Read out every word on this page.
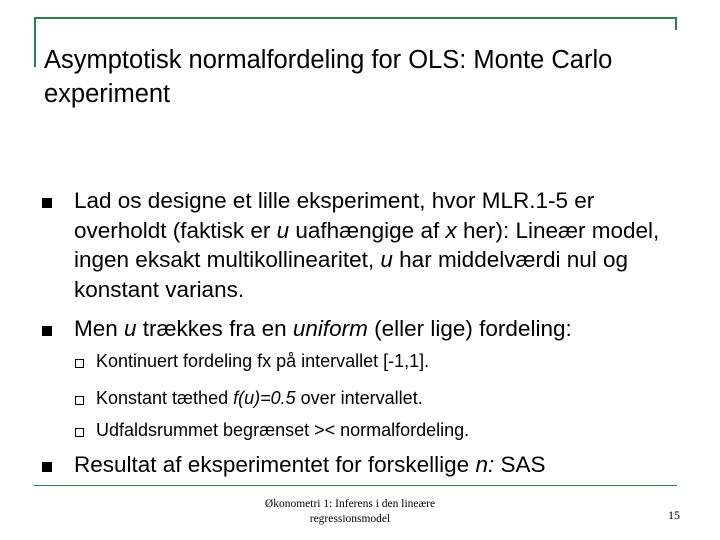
Asymptotisk normalfordeling for OLS: Monte Carlo experiment
Lad os designe et lille eksperiment, hvor MLR.1-5 er overholdt (faktisk er u uafhængige af x her): Lineær model, ingen eksakt multikollinearitet, u har middelværdi nul og konstant varians.
Men u trækkes fra en uniform (eller lige) fordeling:
Kontinuert fordeling fx på intervallet [-1,1].
Konstant tæthed f(u)=0.5 over intervallet.
Udfaldsrummet begrænset >< normalfordeling.
Resultat af eksperimentet for forskellige n: SAS
Økonometri 1: Inferens i den lineære
regressionsmodel	15
